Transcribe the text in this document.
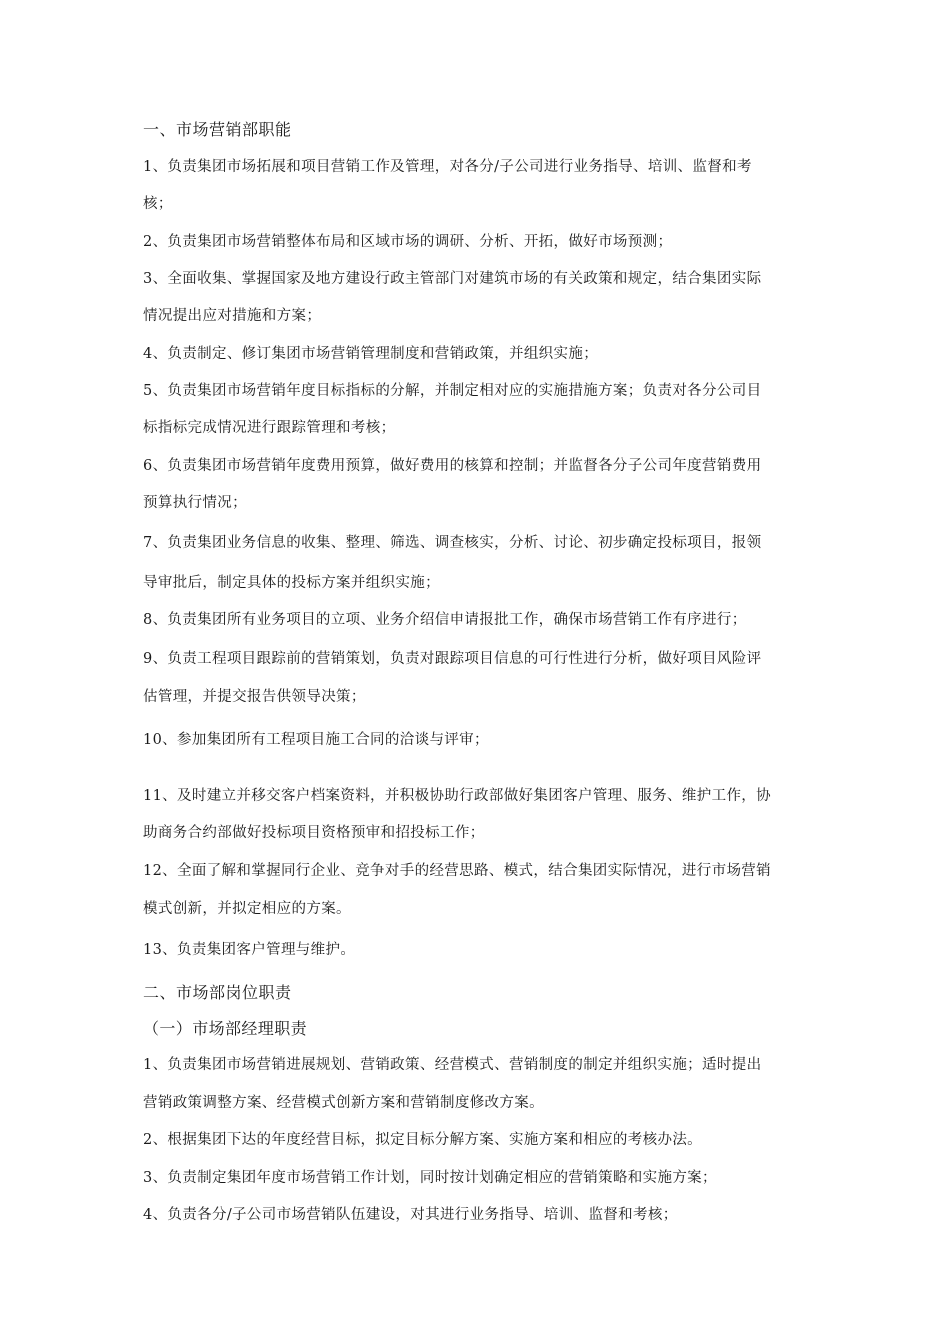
一、市场营销部职能
1、负责集团市场拓展和项目营销工作及管理，对各分/子公司进行业务指导、培训、监督和考
核；
2、负责集团市场营销整体布局和区域市场的调研、分析、开拓，做好市场预测；
3、全面收集、掌握国家及地方建设行政主管部门对建筑市场的有关政策和规定，结合集团实际
情况提出应对措施和方案；
4、负责制定、修订集团市场营销管理制度和营销政策，并组织实施；
5、负责集团市场营销年度目标指标的分解，并制定相对应的实施措施方案；负责对各分公司目
标指标完成情况进行跟踪管理和考核；
6、负责集团市场营销年度费用预算，做好费用的核算和控制；并监督各分子公司年度营销费用
预算执行情况；
7、负责集团业务信息的收集、整理、筛选、调查核实，分析、讨论、初步确定投标项目，报领
导审批后，制定具体的投标方案并组织实施；
8、负责集团所有业务项目的立项、业务介绍信申请报批工作，确保市场营销工作有序进行；
9、负责工程项目跟踪前的营销策划，负责对跟踪项目信息的可行性进行分析，做好项目风险评
估管理，并提交报告供领导决策；
10、参加集团所有工程项目施工合同的洽谈与评审；
11、及时建立并移交客户档案资料，并积极协助行政部做好集团客户管理、服务、维护工作，协
助商务合约部做好投标项目资格预审和招投标工作；
12、全面了解和掌握同行企业、竞争对手的经营思路、模式，结合集团实际情况，进行市场营销
模式创新，并拟定相应的方案。
13、负责集团客户管理与维护。
二、市场部岗位职责
（一）市场部经理职责
1、负责集团市场营销进展规划、营销政策、经营模式、营销制度的制定并组织实施；适时提出
营销政策调整方案、经营模式创新方案和营销制度修改方案。
2、根据集团下达的年度经营目标，拟定目标分解方案、实施方案和相应的考核办法。
3、负责制定集团年度市场营销工作计划，同时按计划确定相应的营销策略和实施方案；
4、负责各分/子公司市场营销队伍建设，对其进行业务指导、培训、监督和考核；
